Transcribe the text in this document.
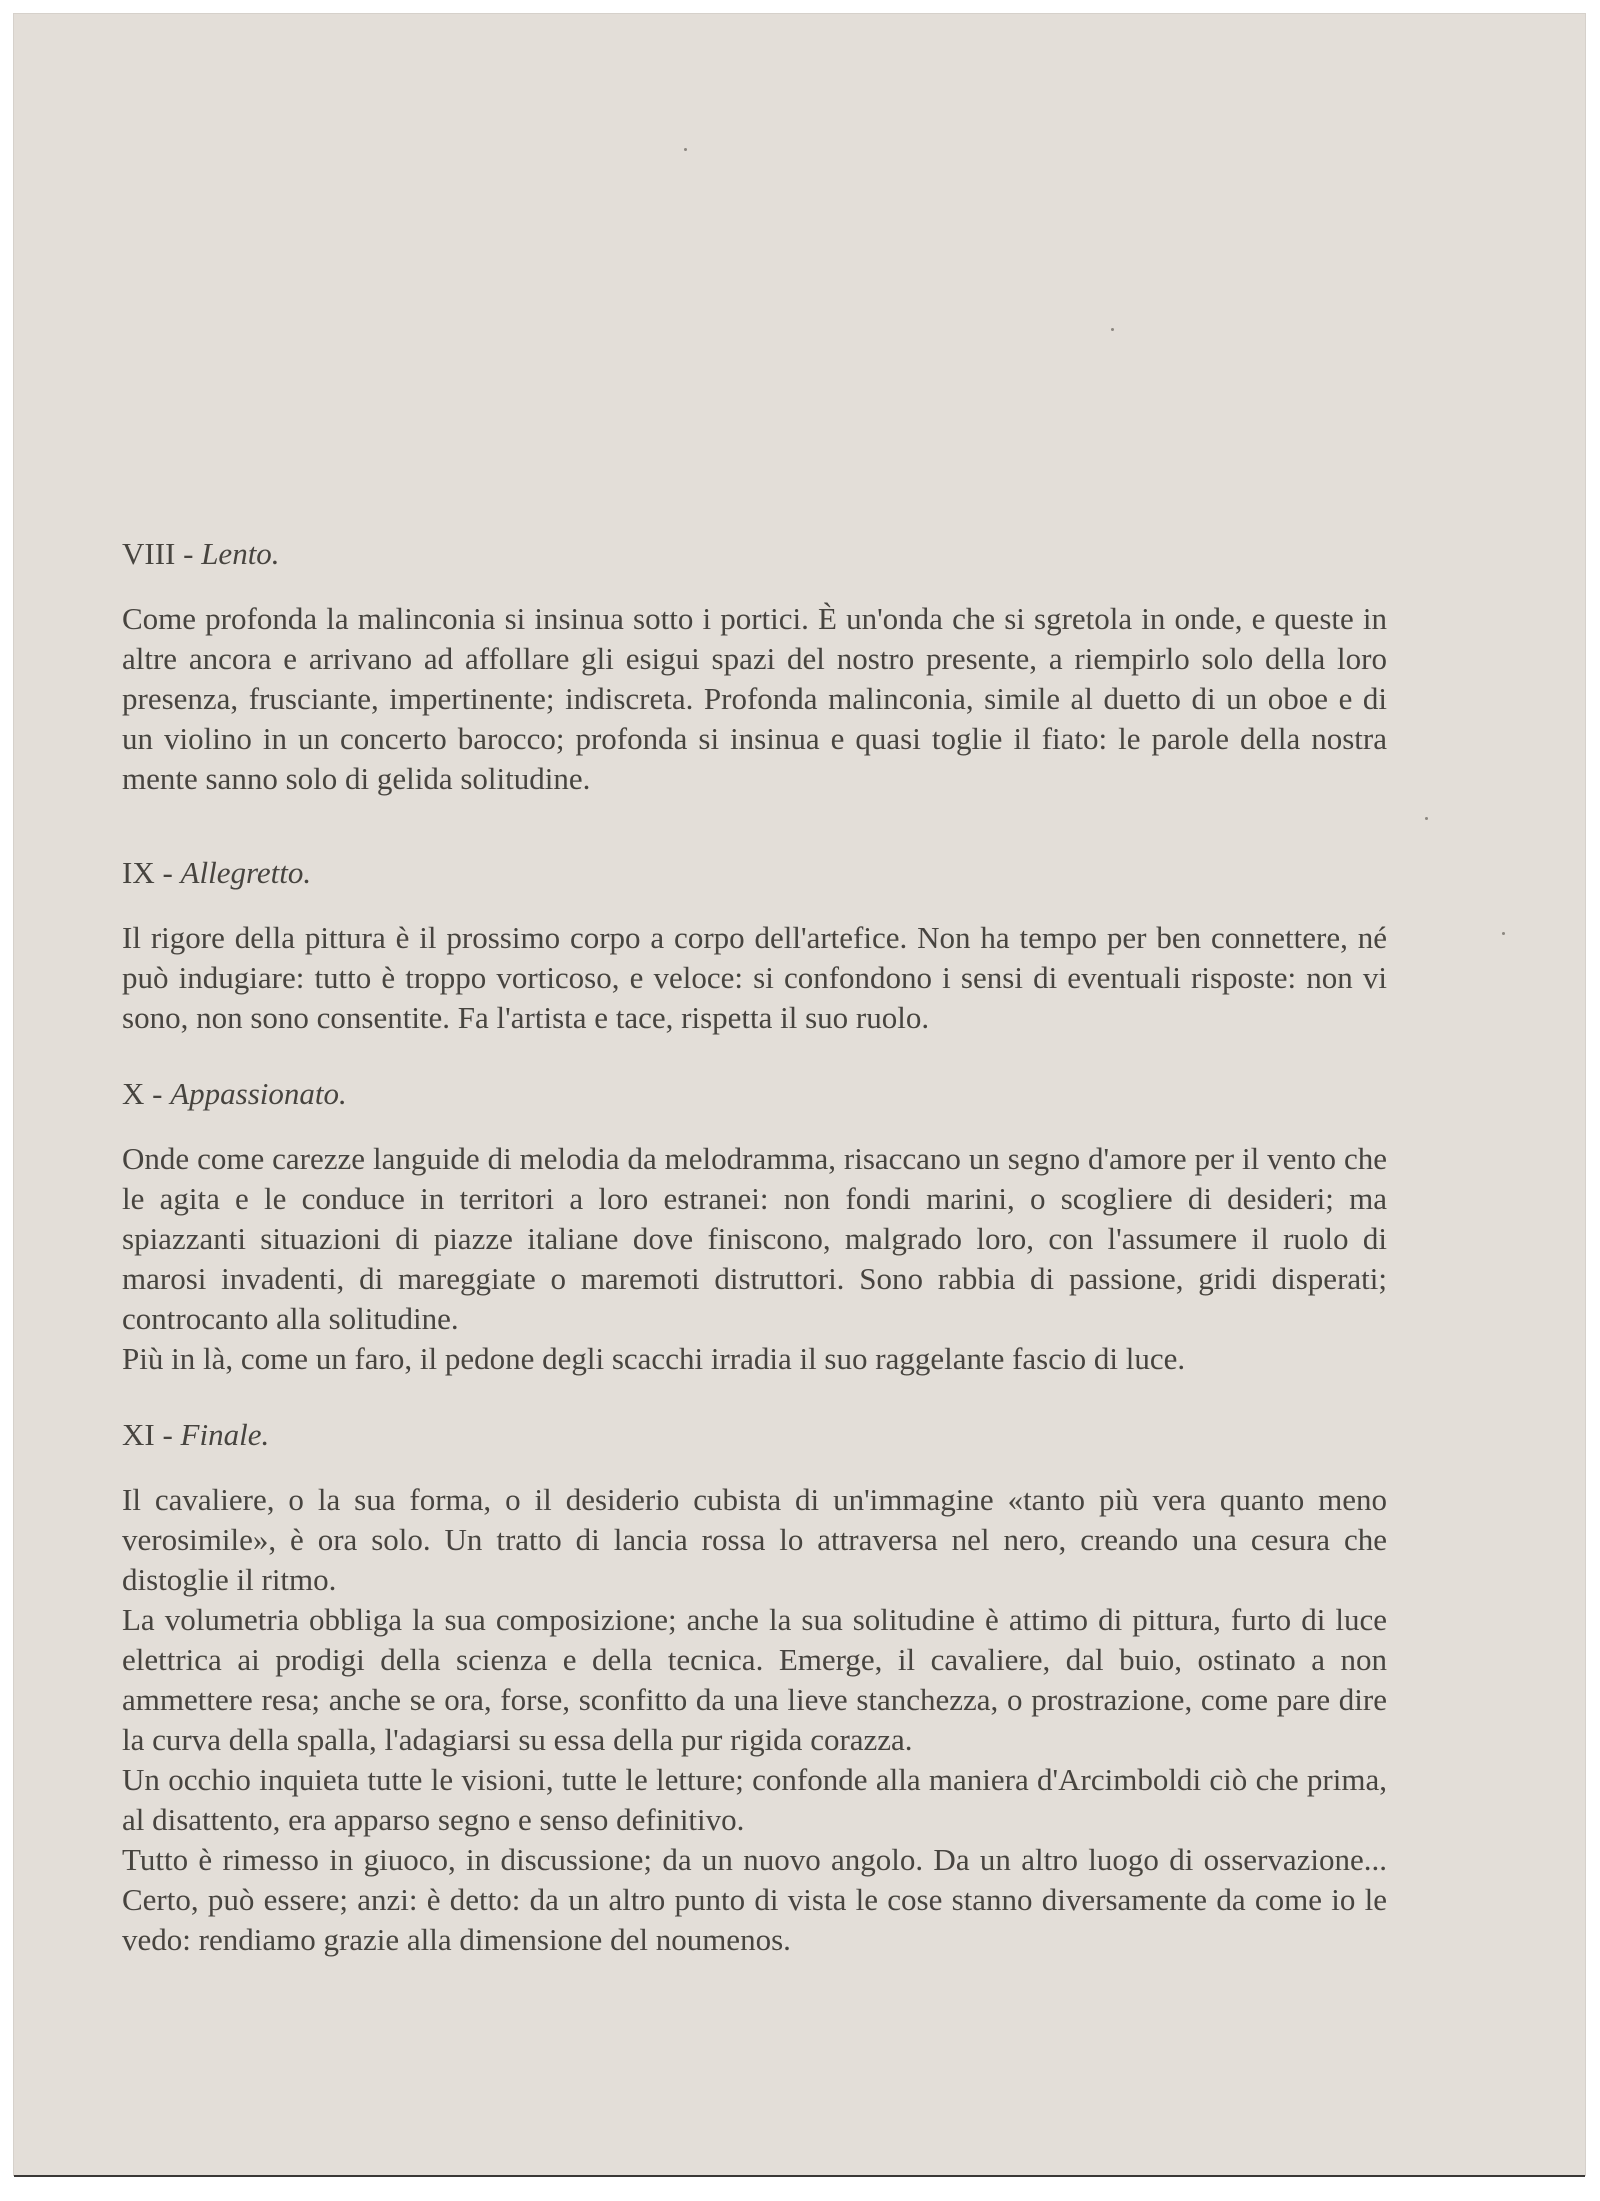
VIII - Lento.

Come profonda la malinconia si insinua sotto i portici. È un'onda che si sgretola in onde, e queste in altre ancora e arrivano ad affollare gli esigui spazi del nostro presente, a riempirlo solo della loro presenza, frusciante, impertinente; indiscreta. Profonda malinconia, simile al duetto di un oboe e di un violino in un concerto barocco; profonda si insinua e quasi toglie il fiato: le parole della nostra mente sanno solo di gelida solitudine.

IX - Allegretto.

Il rigore della pittura è il prossimo corpo a corpo dell'artefice. Non ha tempo per ben connettere, né può indugiare: tutto è troppo vorticoso, e veloce: si confondono i sensi di eventuali risposte: non vi sono, non sono consentite. Fa l'artista e tace, rispetta il suo ruolo.

X - Appassionato.

Onde come carezze languide di melodia da melodramma, risaccano un segno d'amore per il vento che le agita e le conduce in territori a loro estranei: non fondi marini, o scogliere di desideri; ma spiazzanti situazioni di piazze italiane dove finiscono, malgrado loro, con l'assumere il ruolo di marosi invadenti, di mareggiate o maremoti distruttori. Sono rabbia di passione, gridi disperati; controcanto alla solitudine.

Più in là, come un faro, il pedone degli scacchi irradia il suo raggelante fascio di luce.

XI - Finale.

Il cavaliere, o la sua forma, o il desiderio cubista di un'immagine «tanto più vera quanto meno verosimile», è ora solo. Un tratto di lancia rossa lo attraversa nel nero, creando una cesura che distoglie il ritmo.

La volumetria obbliga la sua composizione; anche la sua solitudine è attimo di pittura, furto di luce elettrica ai prodigi della scienza e della tecnica. Emerge, il cavaliere, dal buio, ostinato a non ammettere resa; anche se ora, forse, sconfitto da una lieve stanchezza, o prostrazione, come pare dire la curva della spalla, l'adagiarsi su essa della pur rigida corazza.

Un occhio inquieta tutte le visioni, tutte le letture; confonde alla maniera d'Arcimboldi ciò che prima, al disattento, era apparso segno e senso definitivo.

Tutto è rimesso in giuoco, in discussione; da un nuovo angolo. Da un altro luogo di osservazione... Certo, può essere; anzi: è detto: da un altro punto di vista le cose stanno diversamente da come io le vedo: rendiamo grazie alla dimensione del noumenos.
